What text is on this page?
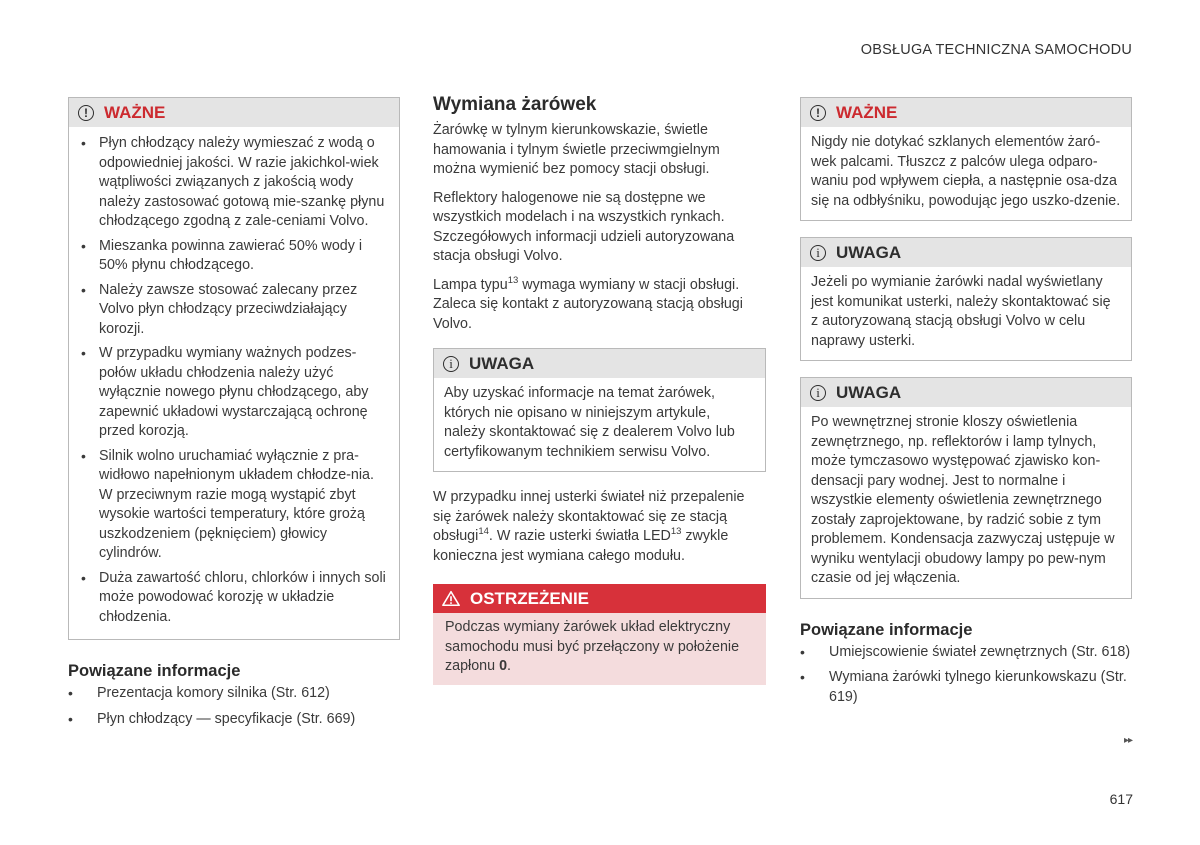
OBSŁUGA TECHNICZNA SAMOCHODU
! WAŻNE
• Płyn chłodzący należy wymieszać z wodą o odpowiedniej jakości. W razie jakichkol-wiek wątpliwości związanych z jakością wody należy zastosować gotową mie-szankę płynu chłodzącego zgodną z zale-ceniami Volvo.
• Mieszanka powinna zawierać 50% wody i 50% płynu chłodzącego.
• Należy zawsze stosować zalecany przez Volvo płyn chłodzący przeciwdziałający korozji.
• W przypadku wymiany ważnych podzes-połów układu chłodzenia należy użyć wyłącznie nowego płynu chłodzącego, aby zapewnić układowi wystarczającą ochronę przed korozją.
• Silnik wolno uruchamiać wyłącznie z pra-widłowo napełnionym układem chłodze-nia. W przeciwnym razie mogą wystąpić zbyt wysokie wartości temperatury, które grożą uszkodzeniem (pęknięciem) głowicy cylindrów.
• Duża zawartość chloru, chlorków i innych soli może powodować korozję w układzie chłodzenia.
Powiązane informacje
• Prezentacja komory silnika (Str. 612)
• Płyn chłodzący — specyfikacje (Str. 669)
Wymiana żarówek

Żarówkę w tylnym kierunkowskazie, świetle hamowania i tylnym świetle przeciwmgielnym można wymienić bez pomocy stacji obsługi.

Reflektory halogenowe nie są dostępne we wszystkich modelach i na wszystkich rynkach. Szczegółowych informacji udzieli autoryzowana stacja obsługi Volvo.

Lampa typu$^{13}$ wymaga wymiany w stacji obsługi. Zaleca się kontakt z autoryzowaną stacją obsługi Volvo.

i UWAGA
Aby uzyskać informacje na temat żarówek, których nie opisano w niniejszym artykule, należy skontaktować się z dealerem Volvo lub certyfikowanym technikiem serwisu Volvo.

W przypadku innej usterki świateł niż przepalenie się żarówek należy skontaktować się ze stacją obsługi$^{14}$. W razie usterki światła LED$^{13}$ zwykle konieczna jest wymiana całego modułu.

OSTRZEŻENIE
Podczas wymiany żarówek układ elektryczny samochodu musi być przełączony w położenie zapłonu 0.
! WAŻNE
Nigdy nie dotykać szklanych elementów żaró-wek palcami. Tłuszcz z palców ulega odparo-waniu pod wpływem ciepła, a następnie osa-dza się na odbłyśniku, powodując jego uszko-dzenie.
i UWAGA
Jeżeli po wymianie żarówki nadal wyświetlany jest komunikat usterki, należy skontaktować się z autoryzowaną stacją obsługi Volvo w celu naprawy usterki.
i UWAGA
Po wewnętrznej stronie kloszy oświetlenia zewnętrznego, np. reflektorów i lamp tylnych, może tymczasowo występować zjawisko kon-densacji pary wodnej. Jest to normalne i wszystkie elementy oświetlenia zewnętrznego zostały zaprojektowane, by radzić sobie z tym problemem. Kondensacja zazwyczaj ustępuje w wyniku wentylacji obudowy lampy po pew-nym czasie od jej włączenia.
Powiązane informacje
• Umiejscowienie świateł zewnętrznych (Str. 618)
• Wymiana żarówki tylnego kierunkowskazu (Str. 619)
▸▸
617
